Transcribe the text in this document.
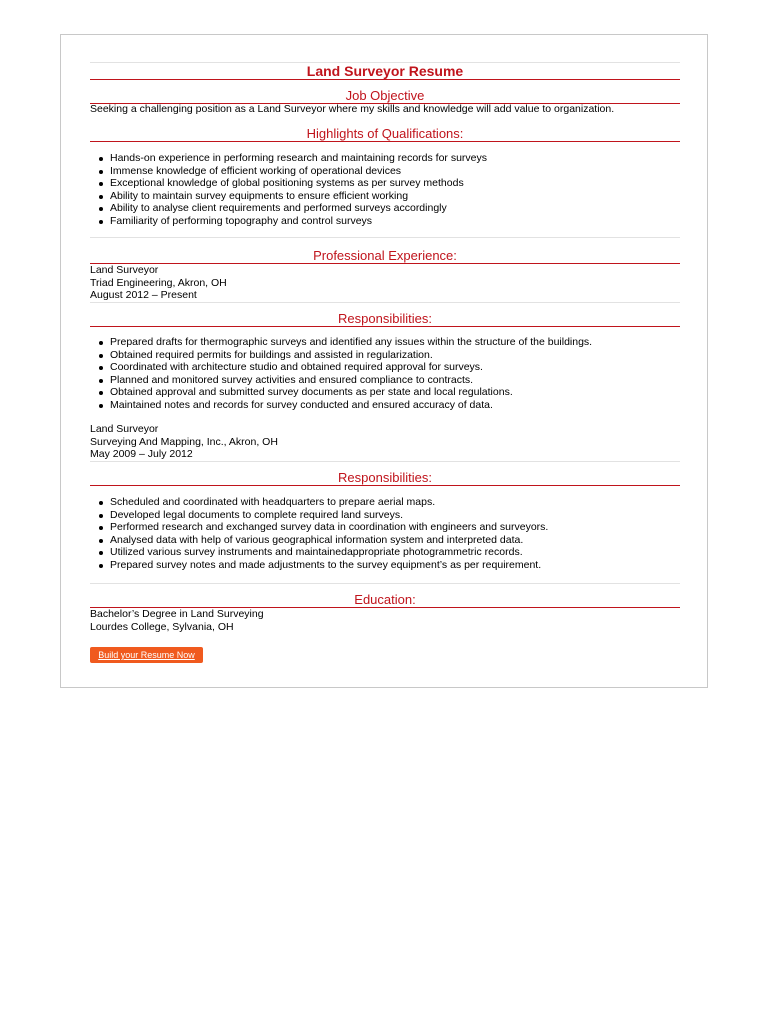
Land Surveyor Resume
Job Objective
Seeking a challenging position as a Land Surveyor where my skills and knowledge will add value to organization.
Highlights of Qualifications:
Hands-on experience in performing research and maintaining records for surveys
Immense knowledge of efficient working of operational devices
Exceptional knowledge of global positioning systems as per survey methods
Ability to maintain survey equipments to ensure efficient working
Ability to analyse client requirements and performed surveys accordingly
Familiarity of performing topography and control surveys
Professional Experience:
Land Surveyor
Triad Engineering, Akron, OH
August 2012 – Present
Responsibilities:
Prepared drafts for thermographic surveys and identified any issues within the structure of the buildings.
Obtained required permits for buildings and assisted in regularization.
Coordinated with architecture studio and obtained required approval for surveys.
Planned and monitored survey activities and ensured compliance to contracts.
Obtained approval and submitted survey documents as per state and local regulations.
Maintained notes and records for survey conducted and ensured accuracy of data.
Land Surveyor
Surveying And Mapping, Inc., Akron, OH
May 2009 – July 2012
Responsibilities:
Scheduled and coordinated with headquarters to prepare aerial maps.
Developed legal documents to complete required land surveys.
Performed research and exchanged survey data in coordination with engineers and surveyors.
Analysed data with help of various geographical information system and interpreted data.
Utilized various survey instruments and maintainedappropriate photogrammetric records.
Prepared survey notes and made adjustments to the survey equipment’s as per requirement.
Education:
Bachelor’s Degree in Land Surveying
Lourdes College, Sylvania, OH
Build your Resume Now
